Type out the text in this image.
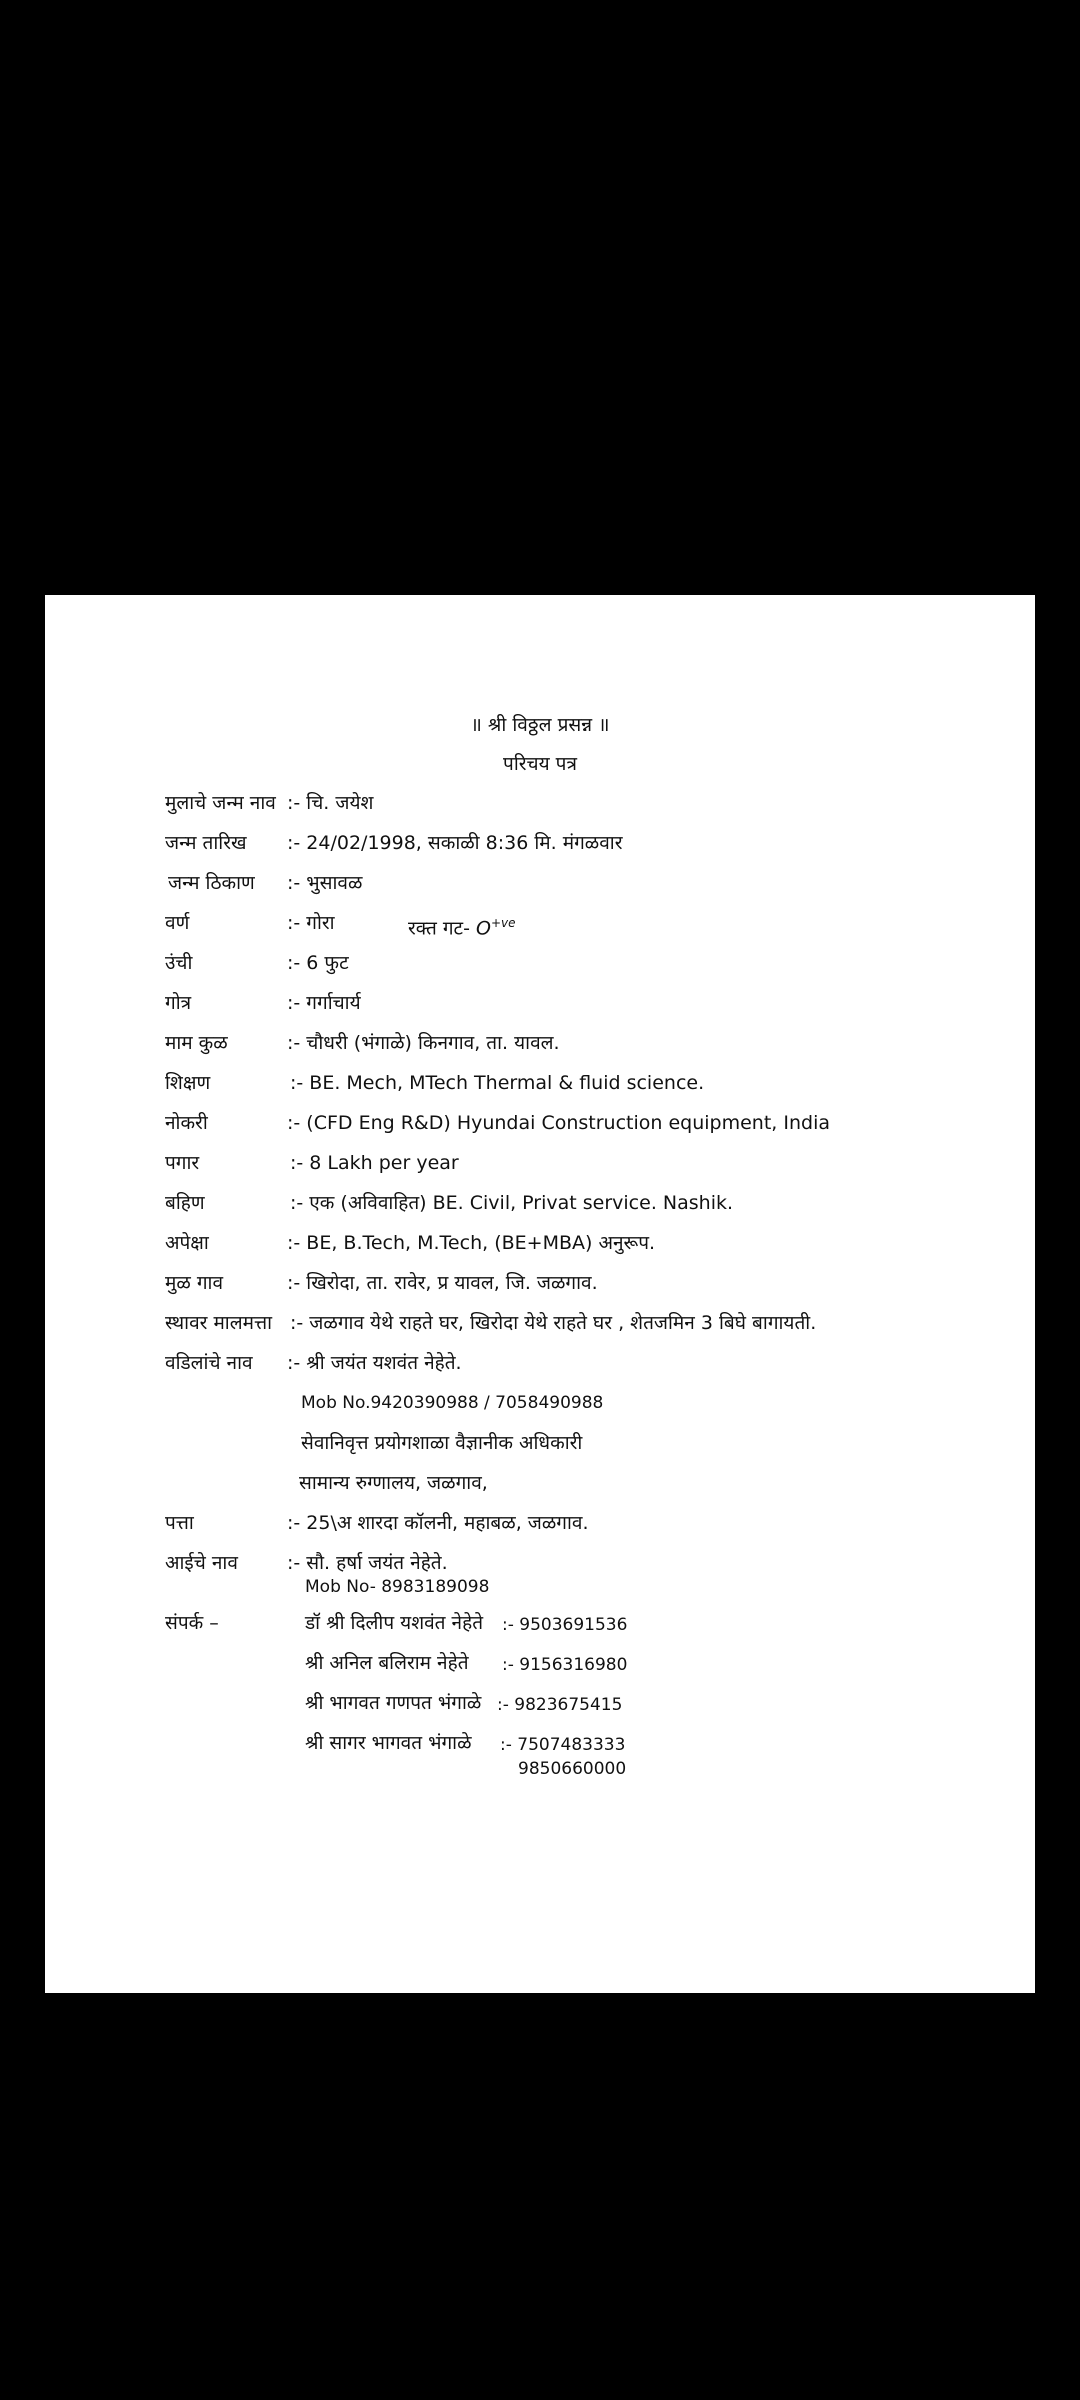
॥ श्री विठ्ठल प्रसन्न ॥
परिचय पत्र
मुलाचे जन्म नाव :- चि. जयेश
जन्म तारिख :- 24/02/1998, सकाळी 8:36 मि. मंगळवार
जन्म ठिकाण :- भुसावळ
वर्ण	:- गोरा	रक्त गट- $O^{+ve}$
उंची	:- 6 फुट
गोत्र	:- गर्गाचार्य
माम कुळ	:- चौधरी (भंगाळे) किनगाव, ता. यावल.
शिक्षण	:- BE. Mech, MTech Thermal & fluid science.
नोकरी	:- (CFD Eng R&D) Hyundai Construction equipment, India
पगार	:- 8 Lakh per year
बहिण	:- एक (अविवाहित) BE. Civil, Privat service. Nashik.
अपेक्षा	:- BE, B.Tech, M.Tech, (BE+MBA) अनुरूप.
मुळ गाव	:- खिरोदा, ता. रावेर, प्र यावल, जि. जळगाव.
स्थावर मालमत्ता :- जळगाव येथे राहते घर, खिरोदा येथे राहते घर , शेतजमिन 3 बिघे बागायती.
वडिलांचे नाव :- श्री जयंत यशवंत नेहेते.
Mob No.9420390988 / 7058490988
सेवानिवृत्त प्रयोगशाळा वैज्ञानीक अधिकारी
सामान्य रुग्णालय, जळगाव,
पत्ता	:- 25\अ शारदा कॉलनी, महाबळ, जळगाव.
आईचे नाव	:- सौ. हर्षा जयंत नेहेते.
Mob No- 8983189098
संपर्क –	डॉ श्री दिलीप यशवंत नेहेते :- 9503691536
श्री अनिल बलिराम नेहेते :- 9156316980
श्री भागवत गणपत भंगाळे :- 9823675415
श्री सागर भागवत भंगाळे :- 7507483333
9850660000
